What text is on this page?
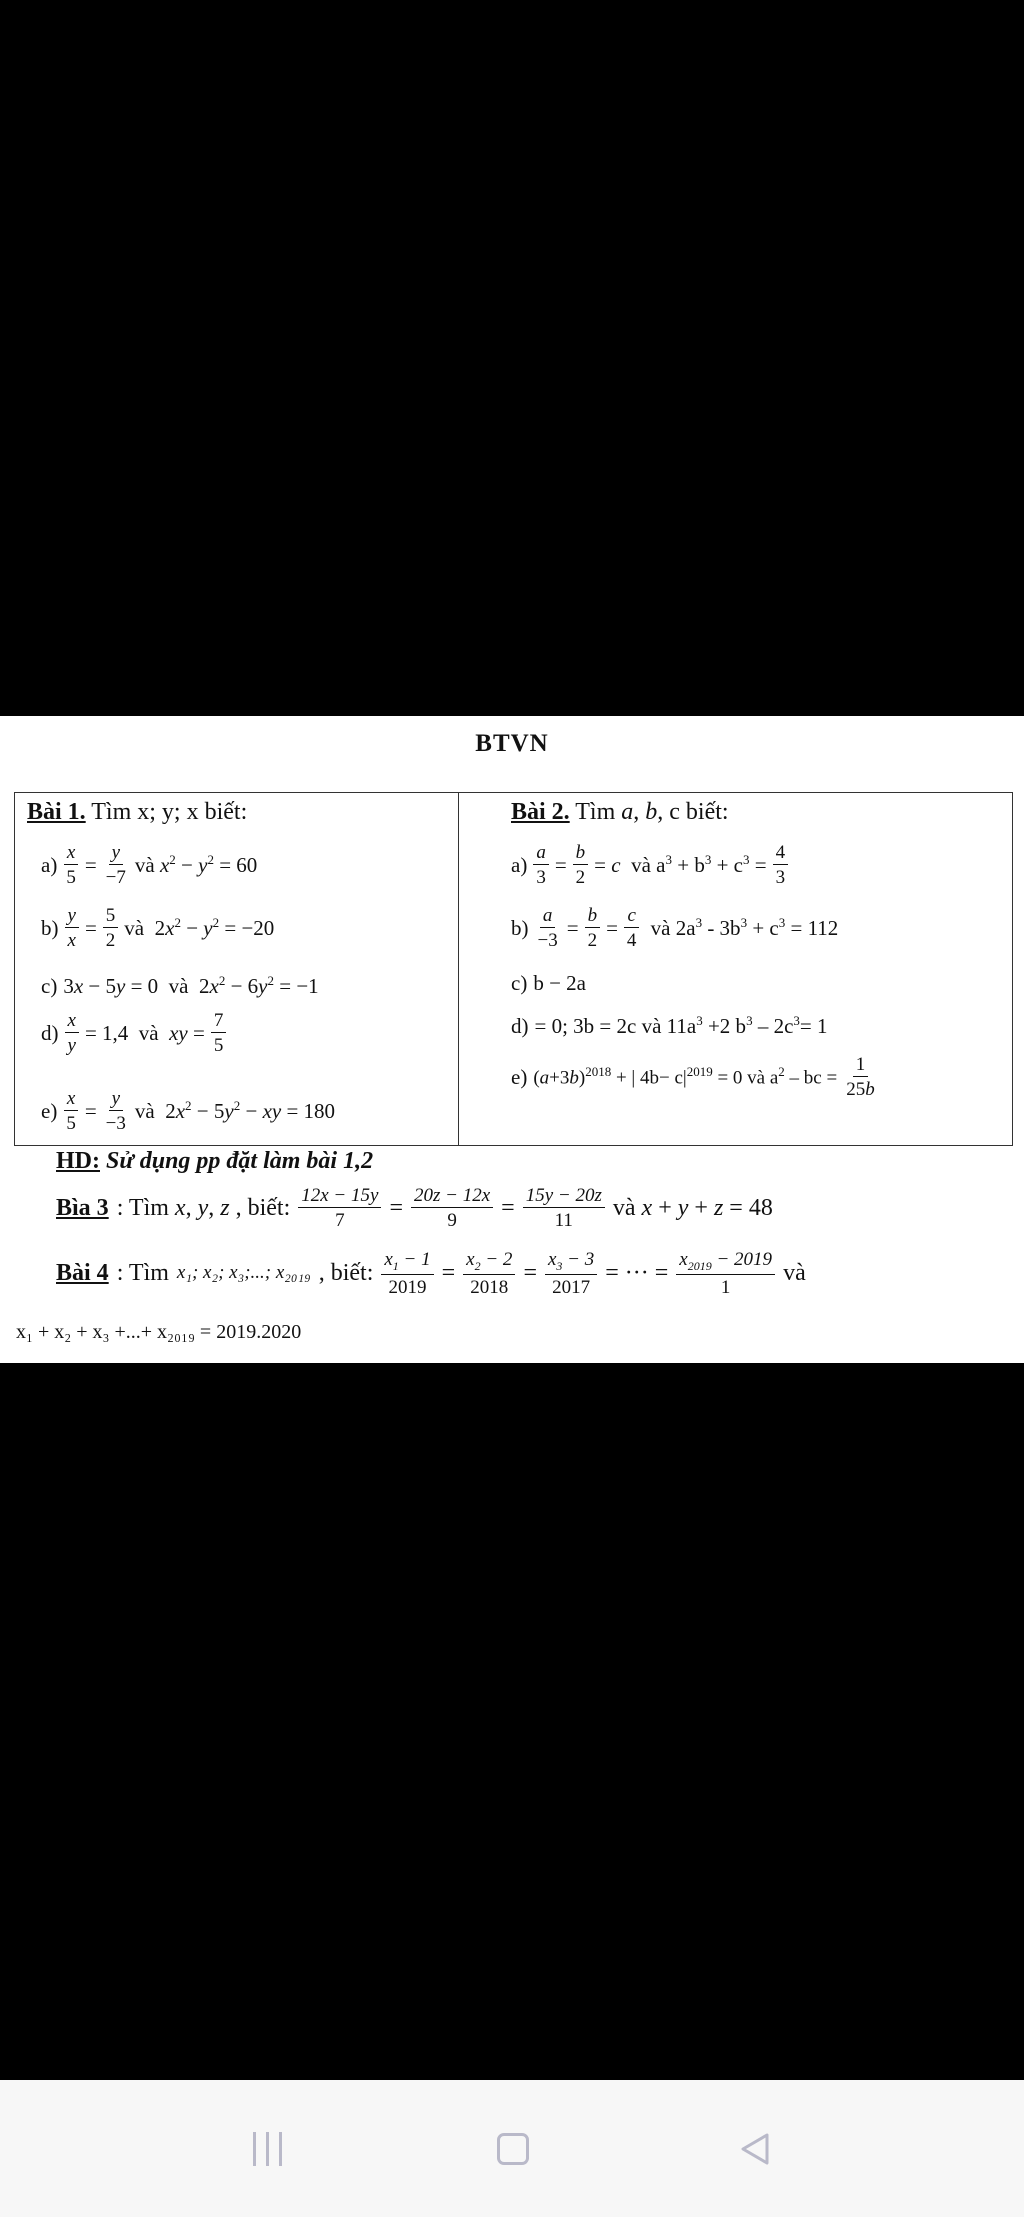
BTVN
Bài 1. Tìm x; y; x biết:
$a) \frac{x}{5} = \frac{y}{-7}$ và $x^2 - y^2 = 60$
$b) \frac{y}{x} = \frac{5}{2}$ và  $2x^2 - y^2 = -20$
c) 3x − 5y = 0  và  $2x^2 - 6y^2 = -1$
$d) \frac{x}{y} = 1,4$  và  xy = $\frac{7}{5}$
$e) \frac{x}{5} = \frac{y}{-3}$ và  $2x^2 - 5y^2$ − xy = 180

Bài 2. Tìm a, b, c biết:
$a) \frac{a}{3} = \frac{b}{2} = c$  và $a^3 + b^3 + c^3 = \frac{4}{3}$
$b) \frac{a}{-3} = \frac{b}{2} = \frac{c}{4}$ và $2a^3 - 3b^3 + c^3 = 112$
c) b − 2a
d) = 0; 3b = 2c và $11a^3 +2$ $b^3 - 2c^3= 1$
e) $(a+3b)^{2018}$ + | $4b- c|^{2019} = 0$ và $a^2$ – bc = $\frac{1}{25b}$
HD: Sử dụng pp đặt làm bài 1,2
Bìa 3 : Tìm x, y, z , biết: $\frac{12x - 15y}{7} = \frac{20z - 12x}{9} = \frac{15y - 20z}{11}$ và x + y + z = 48
Bài 4 : Tìm x₁; x₂; x₃;...; x₂₀₁₉ , biết: $\frac{x_1 - 1}{2019} = \frac{x_2 - 2}{2018} = \frac{x_3 - 3}{2017}$ = ··· = $\frac{x_{2019} - 2019}{1}$ và
x₁ + x₂ + x₃ +...+ x₂₀₁₉ = 2019.2020
